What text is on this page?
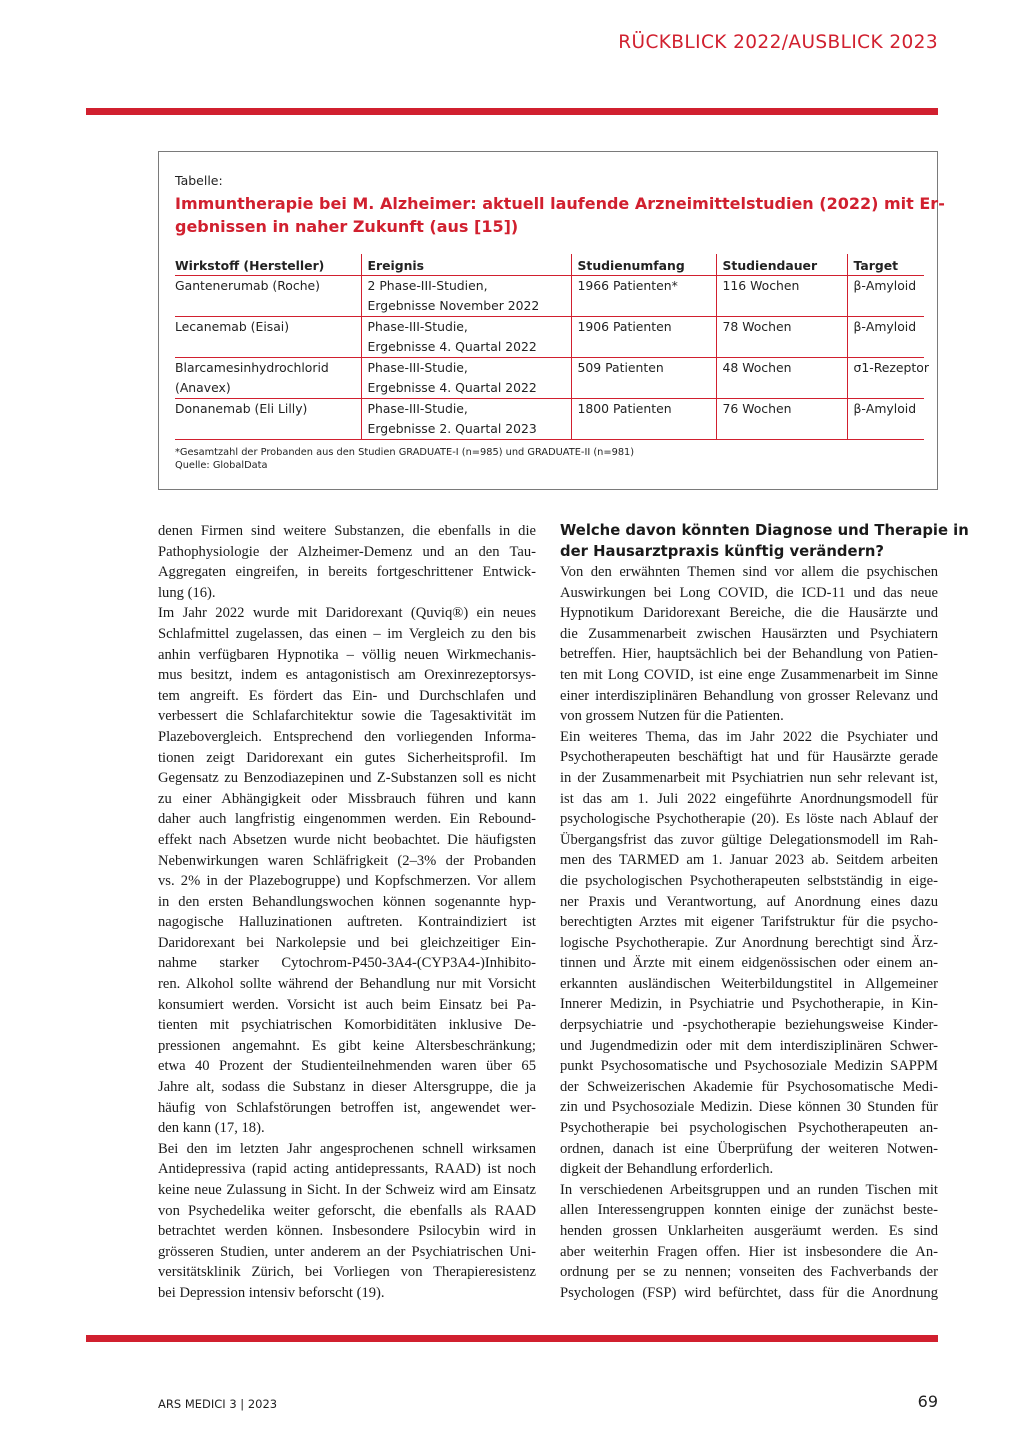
RÜCKBLICK 2022/AUSBLICK 2023
Tabelle:
Immuntherapie bei M. Alzheimer: aktuell laufende Arzneimittelstudien (2022) mit Er-
gebnissen in naher Zukunft (aus [15])
Wirkstoff (Hersteller)	Ereignis	Studienumfang	Studiendauer	Target

Gantenerumab (Roche)	2 Phase-III-Studien,
Ergebnisse November 2022	1966 Patienten*	116 Wochen	β-Amyloid

Lecanemab (Eisai)	Phase-III-Studie,
Ergebnisse 4. Quartal 2022	1906 Patienten	78 Wochen	β-Amyloid

Blarcamesinhydrochlorid
(Anavex)	Phase-III-Studie,
Ergebnisse 4. Quartal 2022	509 Patienten	48 Wochen	σ1-Rezeptor

Donanemab (Eli Lilly)	Phase-III-Studie,
Ergebnisse 2. Quartal 2023	1800 Patienten	76 Wochen	β-Amyloid
*Gesamtzahl der Probanden aus den Studien GRADUATE-I (n=985) und GRADUATE-II (n=981)
Quelle: GlobalData
denen Firmen sind weitere Substanzen, die ebenfalls in die
Pathophysiologie der Alzheimer-Demenz und an den Tau-
Aggregaten eingreifen, in bereits fortgeschrittener Entwick-
lung (16).
Im Jahr 2022 wurde mit Daridorexant (Quviq®) ein neues
Schlafmittel zugelassen, das einen – im Vergleich zu den bis
anhin verfügbaren Hypnotika – völlig neuen Wirkmechanis-
mus besitzt, indem es antagonistisch am Orexinrezeptorsys-
tem angreift. Es fördert das Ein- und Durchschlafen und
verbessert die Schlafarchitektur sowie die Tagesaktivität im
Plazebovergleich. Entsprechend den vorliegenden Informa-
tionen zeigt Daridorexant ein gutes Sicherheitsprofil. Im
Gegensatz zu Benzodiazepinen und Z-Substanzen soll es nicht
zu einer Abhängigkeit oder Missbrauch führen und kann
daher auch langfristig eingenommen werden. Ein Rebound-
effekt nach Absetzen wurde nicht beobachtet. Die häufigsten
Nebenwirkungen waren Schläfrigkeit (2–3% der Probanden
vs. 2% in der Plazebogruppe) und Kopfschmerzen. Vor allem
in den ersten Behandlungswochen können sogenannte hyp-
nagogische Halluzinationen auftreten. Kontraindiziert ist
Daridorexant bei Narkolepsie und bei gleichzeitiger Ein-
nahme starker Cytochrom-P450-3A4-(CYP3A4-)Inhibito-
ren. Alkohol sollte während der Behandlung nur mit Vorsicht
konsumiert werden. Vorsicht ist auch beim Einsatz bei Pa-
tienten mit psychiatrischen Komorbiditäten inklusive De-
pressionen angemahnt. Es gibt keine Altersbeschränkung;
etwa 40 Prozent der Studienteilnehmenden waren über 65
Jahre alt, sodass die Substanz in dieser Altersgruppe, die ja
häufig von Schlafstörungen betroffen ist, angewendet wer-
den kann (17, 18).
Bei den im letzten Jahr angesprochenen schnell wirksamen
Antidepressiva (rapid acting antidepressants, RAAD) ist noch
keine neue Zulassung in Sicht. In der Schweiz wird am Einsatz
von Psychedelika weiter geforscht, die ebenfalls als RAAD
betrachtet werden können. Insbesondere Psilocybin wird in
grösseren Studien, unter anderem an der Psychiatrischen Uni-
versitätsklinik Zürich, bei Vorliegen von Therapieresistenz
bei Depression intensiv beforscht (19).
Welche davon könnten Diagnose und Therapie in
der Hausarztpraxis künftig verändern?
Von den erwähnten Themen sind vor allem die psychischen
Auswirkungen bei Long COVID, die ICD-11 und das neue
Hypnotikum Daridorexant Bereiche, die die Hausärzte und
die Zusammenarbeit zwischen Hausärzten und Psychiatern
betreffen. Hier, hauptsächlich bei der Behandlung von Patien-
ten mit Long COVID, ist eine enge Zusammenarbeit im Sinne
einer interdisziplinären Behandlung von grosser Relevanz und
von grossem Nutzen für die Patienten.
Ein weiteres Thema, das im Jahr 2022 die Psychiater und
Psychotherapeuten beschäftigt hat und für Hausärzte gerade
in der Zusammenarbeit mit Psychiatrien nun sehr relevant ist,
ist das am 1. Juli 2022 eingeführte Anordnungsmodell für
psychologische Psychotherapie (20). Es löste nach Ablauf der
Übergangsfrist das zuvor gültige Delegationsmodell im Rah-
men des TARMED am 1. Januar 2023 ab. Seitdem arbeiten
die psychologischen Psychotherapeuten selbstständig in eige-
ner Praxis und Verantwortung, auf Anordnung eines dazu
berechtigten Arztes mit eigener Tarifstruktur für die psycho-
logische Psychotherapie. Zur Anordnung berechtigt sind Ärz-
tinnen und Ärzte mit einem eidgenössischen oder einem an-
erkannten ausländischen Weiterbildungstitel in Allgemeiner
Innerer Medizin, in Psychiatrie und Psychotherapie, in Kin-
derpsychiatrie und -psychotherapie beziehungsweise Kinder-
und Jugendmedizin oder mit dem interdisziplinären Schwer-
punkt Psychosomatische und Psychosoziale Medizin SAPPM
der Schweizerischen Akademie für Psychosomatische Medi-
zin und Psychosoziale Medizin. Diese können 30 Stunden für
Psychotherapie bei psychologischen Psychotherapeuten an-
ordnen, danach ist eine Überprüfung der weiteren Notwen-
digkeit der Behandlung erforderlich.
In verschiedenen Arbeitsgruppen und an runden Tischen mit
allen Interessengruppen konnten einige der zunächst beste-
henden grossen Unklarheiten ausgeräumt werden. Es sind
aber weiterhin Fragen offen. Hier ist insbesondere die An-
ordnung per se zu nennen; vonseiten des Fachverbands der
Psychologen (FSP) wird befürchtet, dass für die Anordnung
ARS MEDICI 3 | 2023	69
